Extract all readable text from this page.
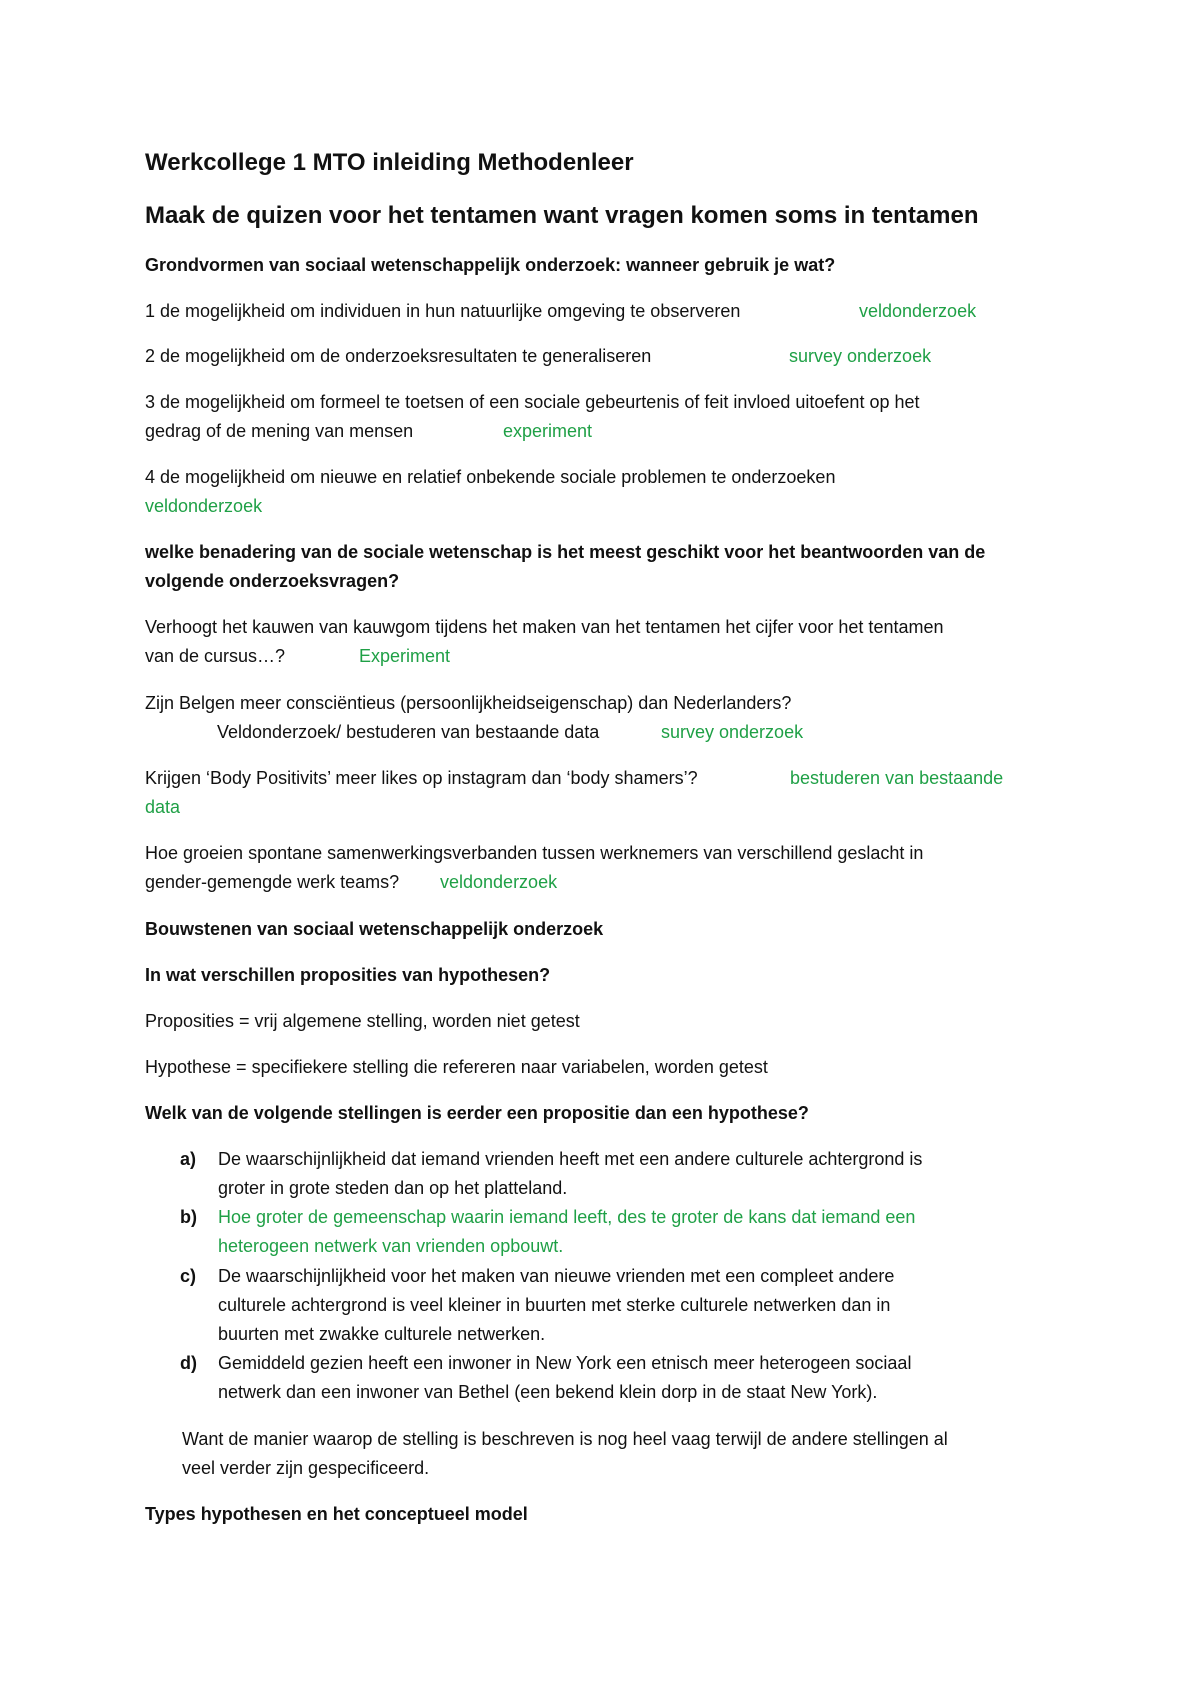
Werkcollege 1 MTO inleiding Methodenleer
Maak de quizen voor het tentamen want vragen komen soms in tentamen
Grondvormen van sociaal wetenschappelijk onderzoek: wanneer gebruik je wat?
1 de mogelijkheid om individuen in hun natuurlijke omgeving te observeren	veldonderzoek
2 de mogelijkheid om de onderzoeksresultaten te generaliseren	survey onderzoek
3 de mogelijkheid om formeel te toetsen of een sociale gebeurtenis of feit invloed uitoefent op het
gedrag of de mening van mensen	experiment
4 de mogelijkheid om nieuwe en relatief onbekende sociale problemen te onderzoeken
veldonderzoek
welke benadering van de sociale wetenschap is het meest geschikt voor het beantwoorden van de
volgende onderzoeksvragen?
Verhoogt het kauwen van kauwgom tijdens het maken van het tentamen het cijfer voor het tentamen
van de cursus…?	Experiment
Zijn Belgen meer consciëntieus (persoonlijkheidseigenschap) dan Nederlanders?
Veldonderzoek/ bestuderen van bestaande data	survey onderzoek
Krijgen ‘Body Positivits’ meer likes op instagram dan ‘body shamers’?	bestuderen van bestaande
data
Hoe groeien spontane samenwerkingsverbanden tussen werknemers van verschillend geslacht in
gender-gemengde werk teams? veldonderzoek
Bouwstenen van sociaal wetenschappelijk onderzoek
In wat verschillen proposities van hypothesen?
Proposities = vrij algemene stelling, worden niet getest
Hypothese = specifiekere stelling die refereren naar variabelen, worden getest
Welk van de volgende stellingen is eerder een propositie dan een hypothese?
a) De waarschijnlijkheid dat iemand vrienden heeft met een andere culturele achtergrond is
groter in grote steden dan op het platteland.
b) Hoe groter de gemeenschap waarin iemand leeft, des te groter de kans dat iemand een
heterogeen netwerk van vrienden opbouwt.
c) De waarschijnlijkheid voor het maken van nieuwe vrienden met een compleet andere
culturele achtergrond is veel kleiner in buurten met sterke culturele netwerken dan in
buurten met zwakke culturele netwerken.
d) Gemiddeld gezien heeft een inwoner in New York een etnisch meer heterogeen sociaal
netwerk dan een inwoner van Bethel (een bekend klein dorp in de staat New York).
Want de manier waarop de stelling is beschreven is nog heel vaag terwijl de andere stellingen al
veel verder zijn gespecificeerd.
Types hypothesen en het conceptueel model
